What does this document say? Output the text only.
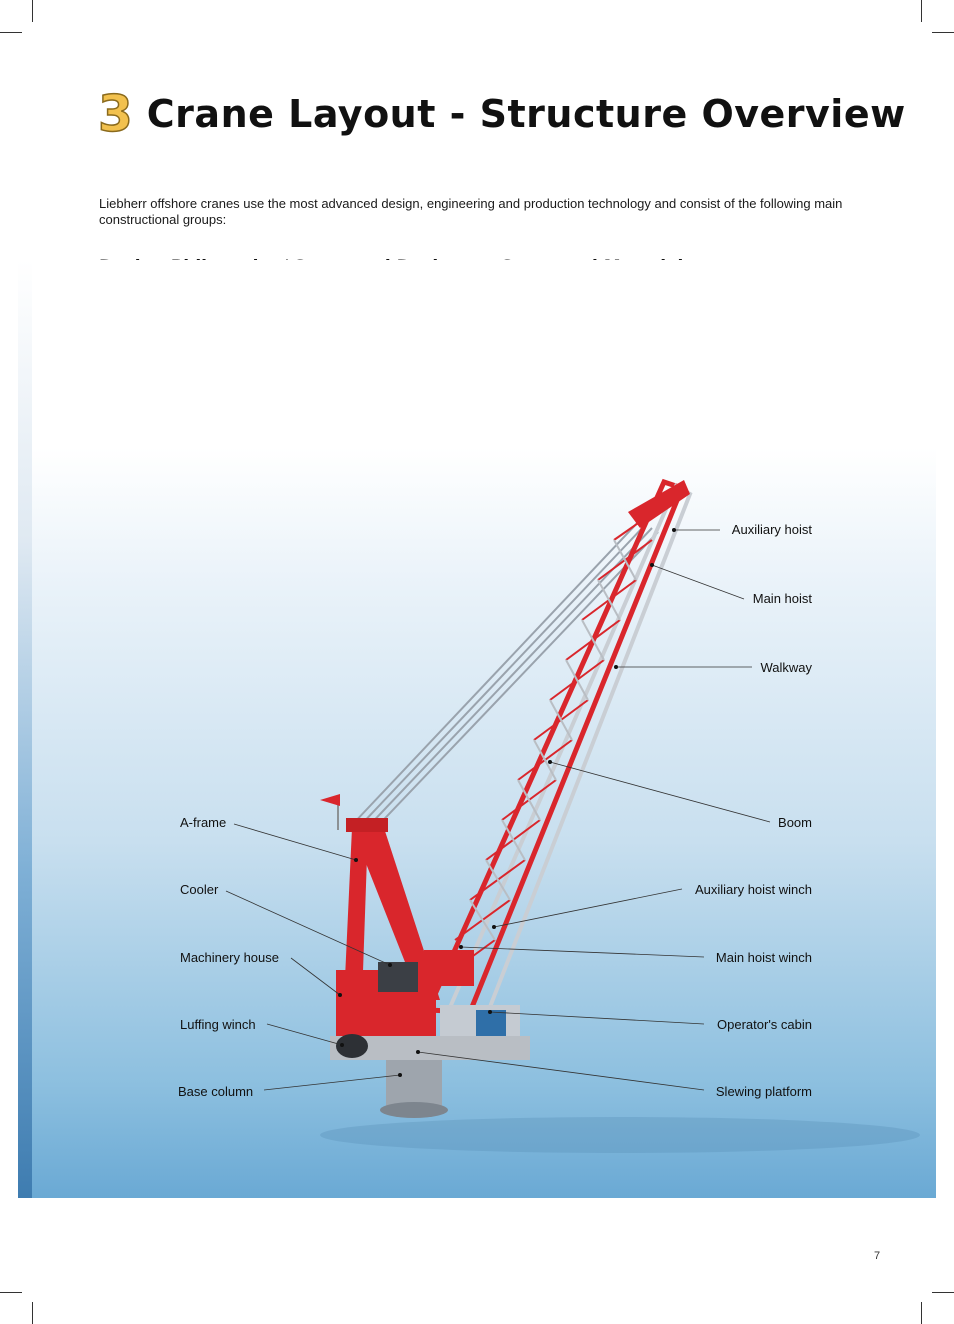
3 Crane Layout - Structure Overview
Liebherr offshore cranes use the most advanced design, engineering and production technology and consist of the following main constructional groups:

Auxiliary hoist
Main hoist
Walkway
Boom
Auxiliary hoist winch
Main hoist winch
Operator's cabin
Slewing platform
A-frame
Cooler
Machinery house
Luffing winch
Base column
7
